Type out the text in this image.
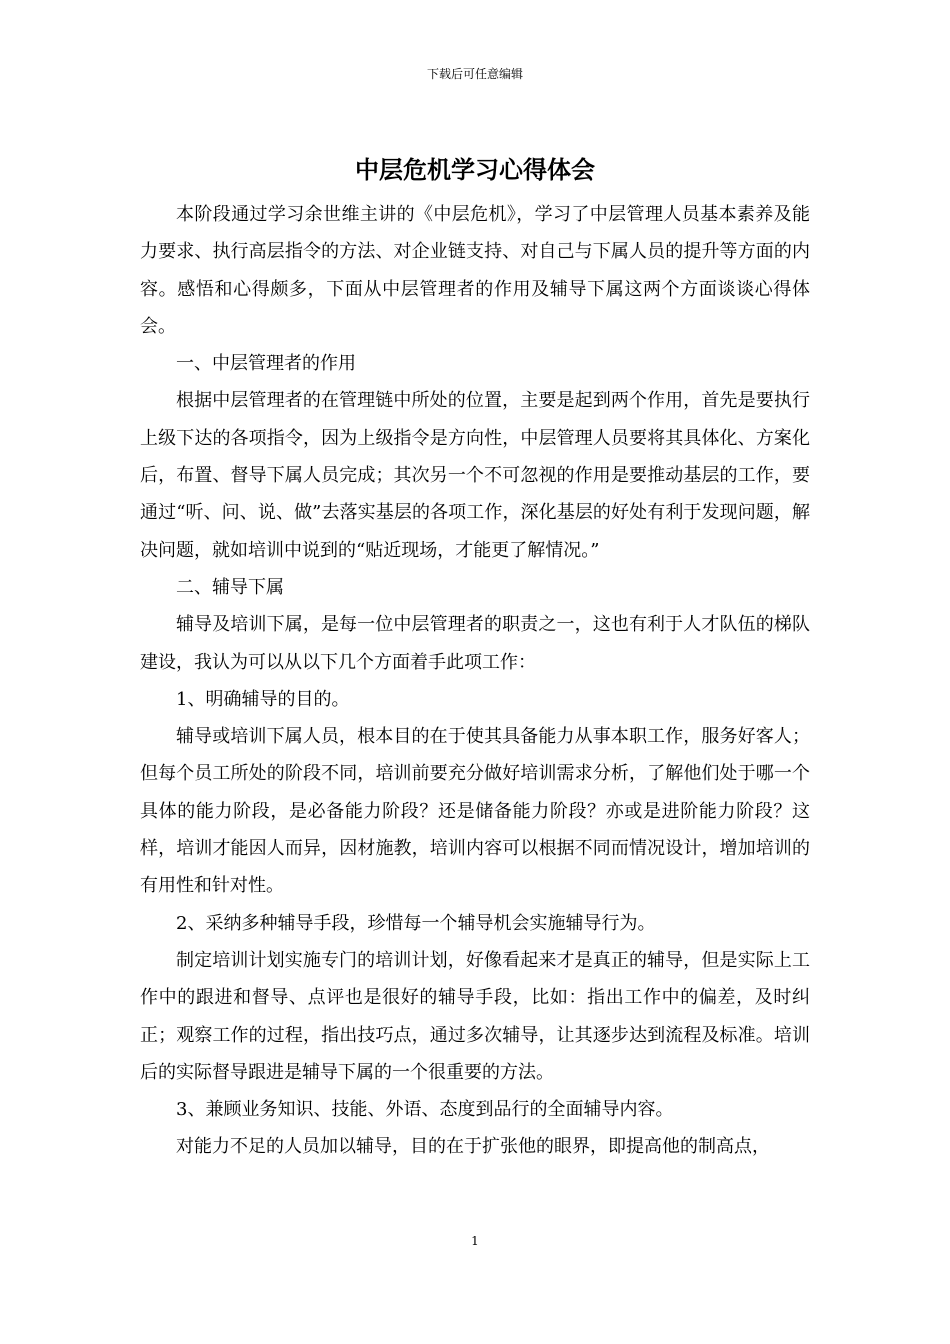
下载后可任意编辑
中层危机学习心得体会

本阶段通过学习余世维主讲的《中层危机》，学习了中层管理人员基本素养及能力要求、执行高层指令的方法、对企业链支持、对自己与下属人员的提升等方面的内容。感悟和心得颇多，下面从中层管理者的作用及辅导下属这两个方面谈谈心得体会。

一、中层管理者的作用

根据中层管理者的在管理链中所处的位置，主要是起到两个作用，首先是要执行上级下达的各项指令，因为上级指令是方向性，中层管理人员要将其具体化、方案化后，布置、督导下属人员完成；其次另一个不可忽视的作用是要推动基层的工作，要通过“听、问、说、做”去落实基层的各项工作，深化基层的好处有利于发现问题，解决问题，就如培训中说到的“贴近现场，才能更了解情况。”

二、辅导下属

辅导及培训下属，是每一位中层管理者的职责之一，这也有利于人才队伍的梯队建设，我认为可以从以下几个方面着手此项工作：

1、明确辅导的目的。

辅导或培训下属人员，根本目的在于使其具备能力从事本职工作，服务好客人；但每个员工所处的阶段不同，培训前要充分做好培训需求分析，了解他们处于哪一个具体的能力阶段，是必备能力阶段？还是储备能力阶段？亦或是进阶能力阶段？这样，培训才能因人而异，因材施教，培训内容可以根据不同而情况设计，增加培训的有用性和针对性。

2、采纳多种辅导手段，珍惜每一个辅导机会实施辅导行为。

制定培训计划实施专门的培训计划，好像看起来才是真正的辅导，但是实际上工作中的跟进和督导、点评也是很好的辅导手段，比如：指出工作中的偏差，及时纠正；观察工作的过程，指出技巧点，通过多次辅导，让其逐步达到流程及标准。培训后的实际督导跟进是辅导下属的一个很重要的方法。

3、兼顾业务知识、技能、外语、态度到品行的全面辅导内容。

对能力不足的人员加以辅导，目的在于扩张他的眼界，即提高他的制高点，

1
